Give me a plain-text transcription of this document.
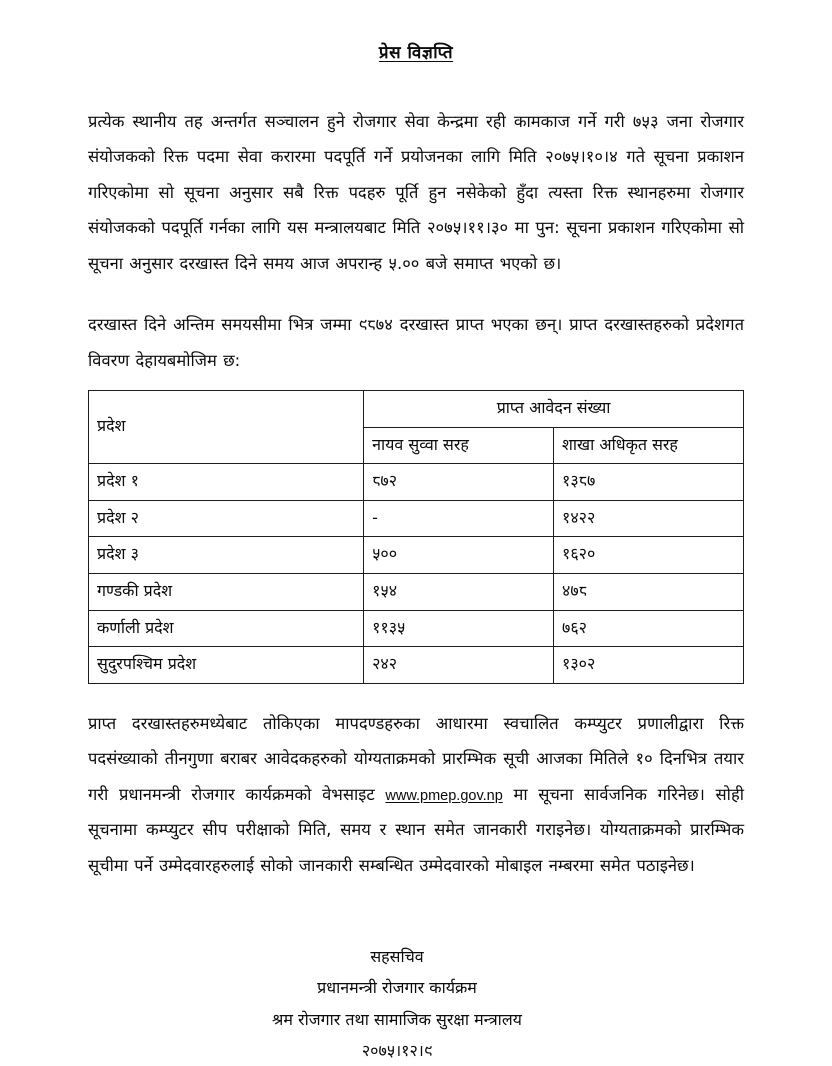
प्रेस विज्ञप्ति

प्रत्येक स्थानीय तह अन्तर्गत सञ्चालन हुने रोजगार सेवा केन्द्रमा रही कामकाज गर्ने गरी ७५३ जना रोजगार संयोजकको रिक्त पदमा सेवा करारमा पदपूर्ति गर्ने प्रयोजनका लागि मिति २०७५।१०।४ गते सूचना प्रकाशन गरिएकोमा सो सूचना अनुसार सबै रिक्त पदहरु पूर्ति हुन नसेकेको हुँदा त्यस्ता रिक्त स्थानहरुमा रोजगार संयोजकको पदपूर्ति गर्नका लागि यस मन्त्रालयबाट मिति २०७५।११।३० मा पुन: सूचना प्रकाशन गरिएकोमा सो सूचना अनुसार दरखास्त दिने समय आज अपरान्ह ५.०० बजे समाप्त भएको छ।

दरखास्त दिने अन्तिम समयसीमा भित्र जम्मा ९८७४ दरखास्त प्राप्त भएका छन्। प्राप्त दरखास्तहरुको प्रदेशगत विवरण देहायबमोजिम छ:

प्रदेश	प्राप्त आवेदन संख्या	
	नायव सुव्वा सरह	शाखा अधिकृत सरह
प्रदेश १	८७२	१३८७
प्रदेश २	-	१४२२
प्रदेश ३	५००	१६२०
गण्डकी प्रदेश	१५४	४७८
कर्णाली प्रदेश	११३५	७६२
सुदुरपश्चिम प्रदेश	२४२	१३०२

प्राप्त दरखास्तहरुमध्येबाट तोकिएका मापदण्डहरुका आधारमा स्वचालित कम्प्युटर प्रणालीद्वारा रिक्त पदसंख्याको तीनगुणा बराबर आवेदकहरुको योग्यताक्रमको प्रारम्भिक सूची आजका मितिले १० दिनभित्र तयार गरी प्रधानमन्त्री रोजगार कार्यक्रमको वेभसाइट www.pmep.gov.np मा सूचना सार्वजनिक गरिनेछ। सोही सूचनामा कम्प्युटर सीप परीक्षाको मिति, समय र स्थान समेत जानकारी गराइनेछ। योग्यताक्रमको प्रारम्भिक सूचीमा पर्ने उम्मेदवारहरुलाई सोको जानकारी सम्बन्धित उम्मेदवारको मोबाइल नम्बरमा समेत पठाइनेछ।

सहसचिव
प्रधानमन्त्री रोजगार कार्यक्रम
श्रम रोजगार तथा सामाजिक सुरक्षा मन्त्रालय
२०७५।१२।९
